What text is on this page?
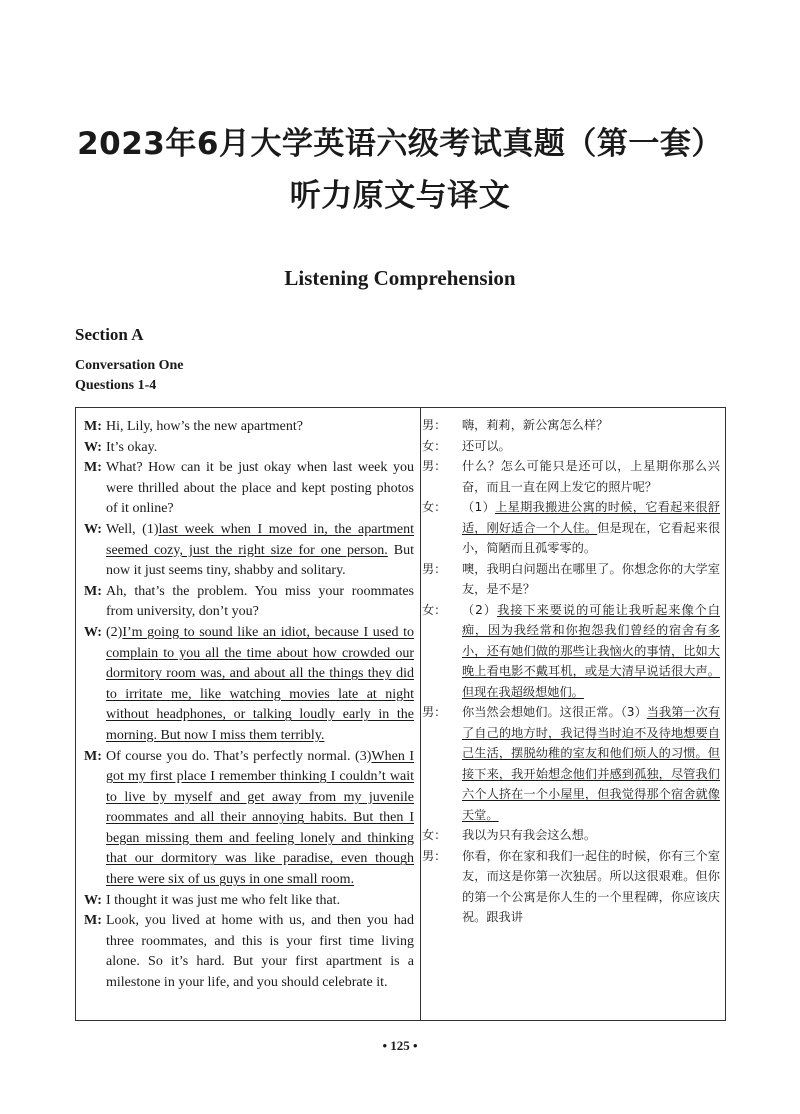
2023年6月大学英语六级考试真题（第一套）
听力原文与译文
Listening Comprehension
Section A

Conversation One

Questions 1-4

M: Hi, Lily, how’s the new apartment?
W: It’s okay.
M: What? How can it be just okay when last week you were thrilled about the place and kept posting photos of it online?
W: Well, (1)last week when I moved in, the apartment seemed cozy, just the right size for one person. But now it just seems tiny, shabby and solitary.
M: Ah, that’s the problem. You miss your roommates from university, don’t you?
W: (2)I’m going to sound like an idiot, because I used to complain to you all the time about how crowded our dormitory room was, and about all the things they did to irritate me, like watching movies late at night without headphones, or talking loudly early in the morning. But now I miss them terribly.
M: Of course you do. That’s perfectly normal. (3)When I got my first place I remember thinking I couldn’t wait to live by myself and get away from my juvenile roommates and all their annoying habits. But then I began missing them and feeling lonely and thinking that our dormitory was like paradise, even though there were six of us guys in one small room.
W: I thought it was just me who felt like that.
M: Look, you lived at home with us, and then you had three roommates, and this is your first time living alone. So it’s hard. But your first apartment is a milestone in your life, and you should celebrate it.
男：	嗨，莉莉，新公寓怎么样？
女：	还可以。
男：	什么？怎么可能只是还可以，上星期你那么兴奋，而且一直在网上发它的照片呢？
女：	（1）上星期我搬进公寓的时候，它看起来很舒适，刚好适合一个人住。但是现在，它看起来很小，简陋而且孤零零的。
男：	噢，我明白问题出在哪里了。你想念你的大学室友，是不是？
女：	（2）我接下来要说的可能让我听起来像个白痴，因为我经常和你抱怨我们曾经的宿舍有多小，还有她们做的那些让我恼火的事情，比如大晚上看电影不戴耳机，或是大清早说话很大声。但现在我超级想她们。
男：	你当然会想她们。这很正常。（3）当我第一次有了自己的地方时，我记得当时迫不及待地想要自己生活，摆脱幼稚的室友和他们烦人的习惯。但接下来，我开始想念他们并感到孤独，尽管我们六个人挤在一个小屋里，但我觉得那个宿舍就像天堂。
女：	我以为只有我会这么想。
男：	你看，你在家和我们一起住的时候，你有三个室友，而这是你第一次独居。所以这很艰难。但你的第一个公寓是你人生的一个里程碑，你应该庆祝。跟我讲

• 125 •
